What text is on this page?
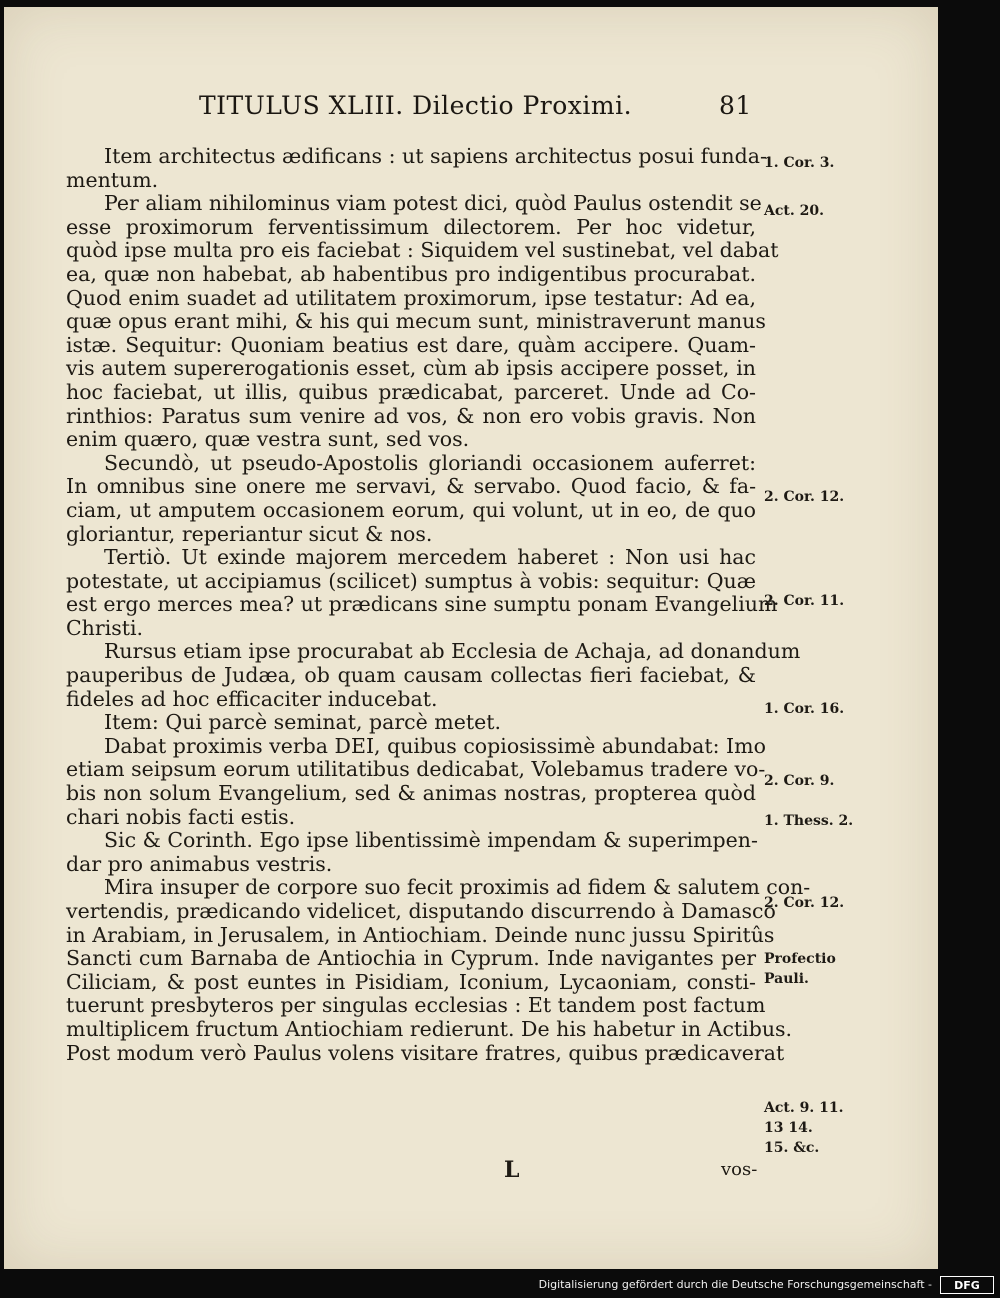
TITULUS XLIII. Dilectio Proximi.	81
Item architectus ædificans : ut sapiens architectus posui funda-
mentum.
Per aliam nihilominus viam potest dici, quòd Paulus ostendit se
esse proximorum ferventissimum dilectorem. Per hoc videtur,
quòd ipse multa pro eis faciebat : Siquidem vel sustinebat, vel dabat
ea, quæ non habebat, ab habentibus pro indigentibus procurabat.
Quod enim suadet ad utilitatem proximorum, ipse testatur: Ad ea,
quæ opus erant mihi, & his qui mecum sunt, ministraverunt manus
istæ. Sequitur: Quoniam beatius est dare, quàm accipere. Quam-
vis autem supererogationis esset, cùm ab ipsis accipere posset, in
hoc faciebat, ut illis, quibus prædicabat, parceret. Unde ad Co-
rinthios: Paratus sum venire ad vos, & non ero vobis gravis. Non
enim quæro, quæ vestra sunt, sed vos.
Secundò, ut pseudo-Apostolis gloriandi occasionem auferret:
In omnibus sine onere me servavi, & servabo. Quod facio, & fa-
ciam, ut amputem occasionem eorum, qui volunt, ut in eo, de quo
gloriantur, reperiantur sicut & nos.
Tertiò. Ut exinde majorem mercedem haberet : Non usi hac
potestate, ut accipiamus (scilicet) sumptus à vobis: sequitur: Quæ
est ergo merces mea? ut prædicans sine sumptu ponam Evangelium
Christi.
Rursus etiam ipse procurabat ab Ecclesia de Achaja, ad donandum
pauperibus de Judæa, ob quam causam collectas fieri faciebat, &
fideles ad hoc efficaciter inducebat.
Item: Qui parcè seminat, parcè metet.
Dabat proximis verba DEI, quibus copiosissimè abundabat: Imo
etiam seipsum eorum utilitatibus dedicabat, Volebamus tradere vo-
bis non solum Evangelium, sed & animas nostras, propterea quòd
chari nobis facti estis.
Sic & Corinth. Ego ipse libentissimè impendam & superimpen-
dar pro animabus vestris.
Mira insuper de corpore suo fecit proximis ad fidem & salutem con-
vertendis, prædicando videlicet, disputando discurrendo à Damasco
in Arabiam, in Jerusalem, in Antiochiam. Deinde nunc jussu Spiritûs
Sancti cum Barnaba de Antiochia in Cyprum. Inde navigantes per
Ciliciam, & post euntes in Pisidiam, Iconium, Lycaoniam, consti-
tuerunt presbyteros per singulas ecclesias : Et tandem post factum
multiplicem fructum Antiochiam redierunt. De his habetur in Actibus.
Post modum verò Paulus volens visitare fratres, quibus prædicaverat
1. Cor. 3.
Act. 20.
2. Cor. 12.
2. Cor. 11.
1. Cor. 16.
2. Cor. 9.
1. Thess. 2.
2. Cor. 12.
Profectio
Pauli.
Act. 9. 11.
13 14.
15. &c.
L	vos-
Digitalisierung gefördert durch die Deutsche Forschungsgemeinschaft -	DFG
